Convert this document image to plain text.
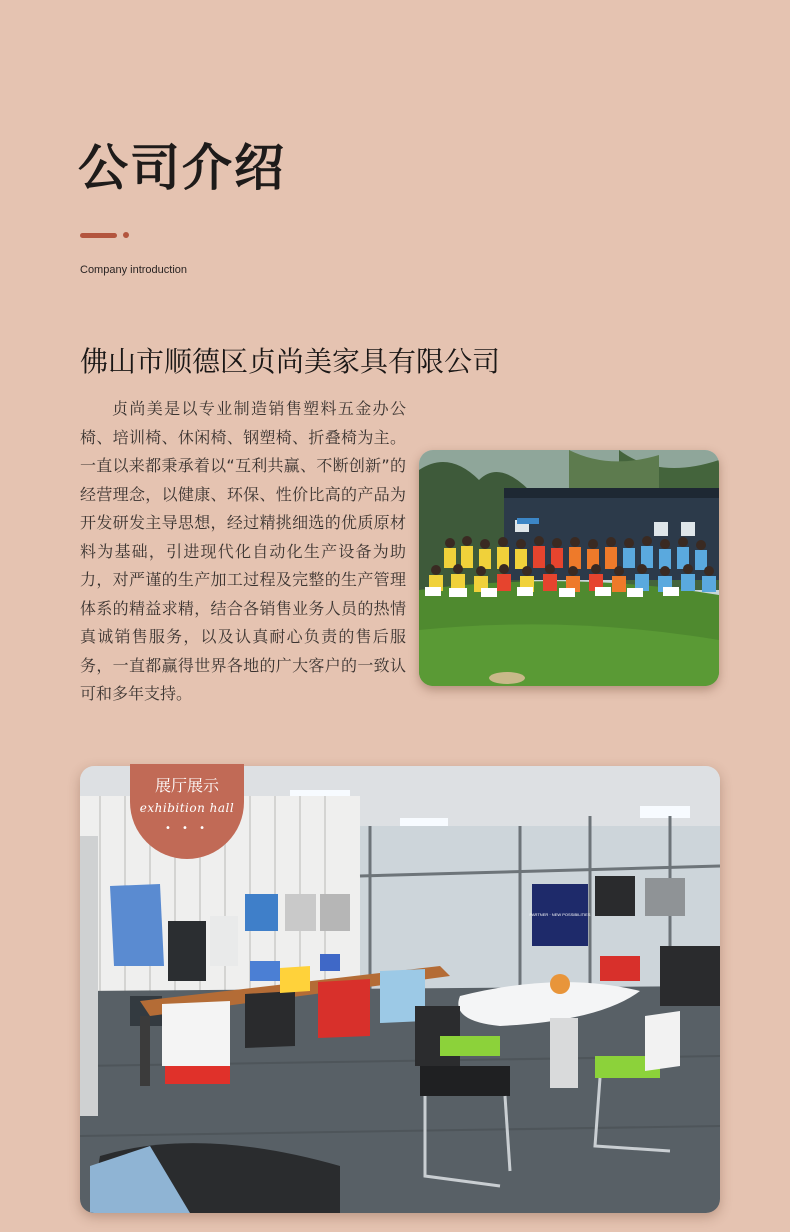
公司介绍
Company introduction
佛山市顺德区贞尚美家具有限公司

贞尚美是以专业制造销售塑料五金办公椅、培训椅、休闲椅、钢塑椅、折叠椅为主。一直以来都秉承着以“互利共赢、不断创新”的经营理念，以健康、环保、性价比高的产品为开发研发主导思想，经过精挑细选的优质原材料为基础，引进现代化自动化生产设备为助力，对严谨的生产加工过程及完整的生产管理体系的精益求精，结合各销售业务人员的热情真诚销售服务，以及认真耐心负责的售后服务，一直都赢得世界各地的广大客户的一致认可和多年支持。

PARTNER · NEW POSSIBILITIES
展厅展示
exhibition hall
• • •
